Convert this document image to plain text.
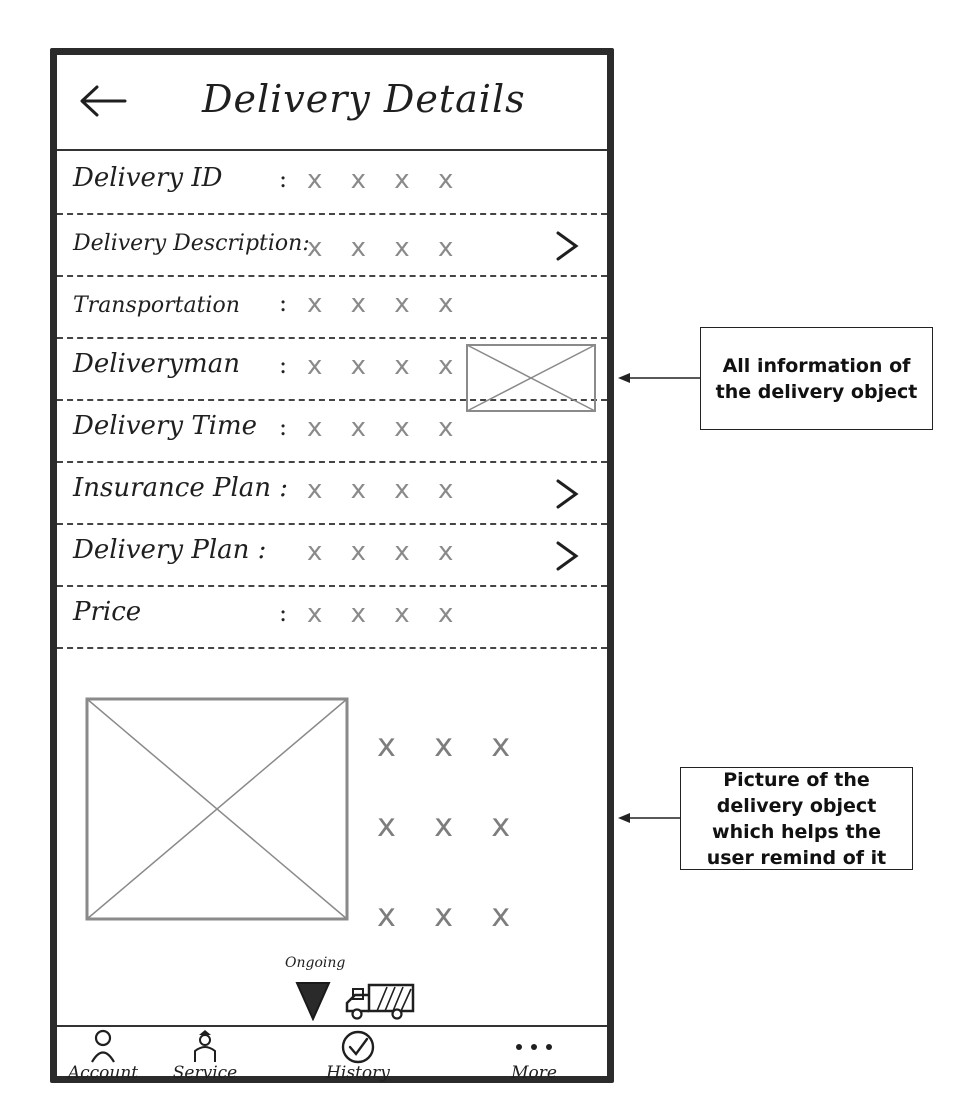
Delivery Details
Delivery ID : x x x x
Delivery Description:
x x x x
Transportation : x x x x
Deliveryman : x x x x
Delivery Time : x x x x
Insurance Plan : x x x x
Delivery Plan : x x x x
Price	: x x x x
x x x
x x x
x x x
Ongoing
Account	Service	History	More
All information of the delivery object
Picture of the delivery object which helps the user remind of it
